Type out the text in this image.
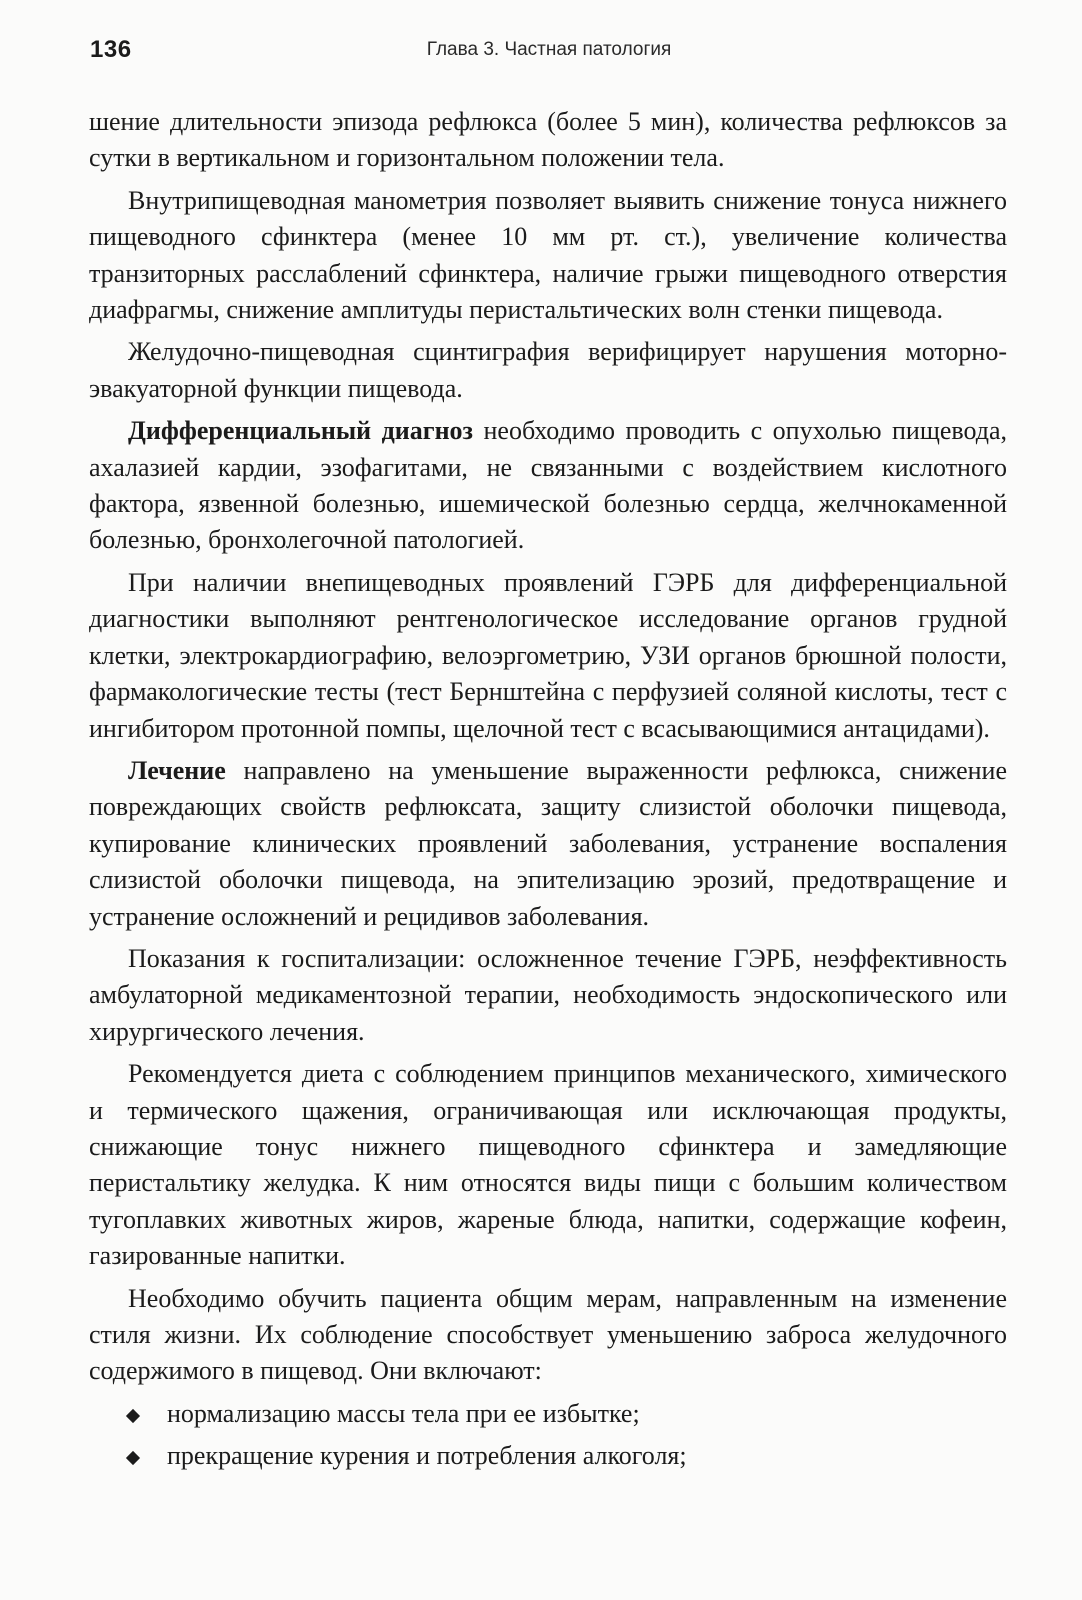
136	Глава 3. Частная патология

шение длительности эпизода рефлюкса (более 5 мин), количества рефлюксов за сутки в вертикальном и горизонтальном положении тела.

Внутрипищеводная манометрия позволяет выявить снижение тонуса нижнего пищеводного сфинктера (менее 10 мм рт. ст.), увеличение количества транзиторных расслаблений сфинктера, наличие грыжи пищеводного отверстия диафрагмы, снижение амплитуды перистальтических волн стенки пищевода.

Желудочно-пищеводная сцинтиграфия верифицирует нарушения моторно-эвакуаторной функции пищевода.

Дифференциальный диагноз необходимо проводить с опухолью пищевода, ахалазией кардии, эзофагитами, не связанными с воздействием кислотного фактора, язвенной болезнью, ишемической болезнью сердца, желчнокаменной болезнью, бронхолегочной патологией.

При наличии внепищеводных проявлений ГЭРБ для дифференциальной диагностики выполняют рентгенологическое исследование органов грудной клетки, электрокардиографию, велоэргометрию, УЗИ органов брюшной полости, фармакологические тесты (тест Бернштейна с перфузией соляной кислоты, тест с ингибитором протонной помпы, щелочной тест с всасывающимися антацидами).

Лечение направлено на уменьшение выраженности рефлюкса, снижение повреждающих свойств рефлюксата, защиту слизистой оболочки пищевода, купирование клинических проявлений заболевания, устранение воспаления слизистой оболочки пищевода, на эпителизацию эрозий, предотвращение и устранение осложнений и рецидивов заболевания.

Показания к госпитализации: осложненное течение ГЭРБ, неэффективность амбулаторной медикаментозной терапии, необходимость эндоскопического или хирургического лечения.

Рекомендуется диета с соблюдением принципов механического, химического и термического щажения, ограничивающая или исключающая продукты, снижающие тонус нижнего пищеводного сфинктера и замедляющие перистальтику желудка. К ним относятся виды пищи с большим количеством тугоплавких животных жиров, жареные блюда, напитки, содержащие кофеин, газированные напитки.

Необходимо обучить пациента общим мерам, направленным на изменение стиля жизни. Их соблюдение способствует уменьшению заброса желудочного содержимого в пищевод. Они включают:

нормализацию массы тела при ее избытке;
прекращение курения и потребления алкоголя;
